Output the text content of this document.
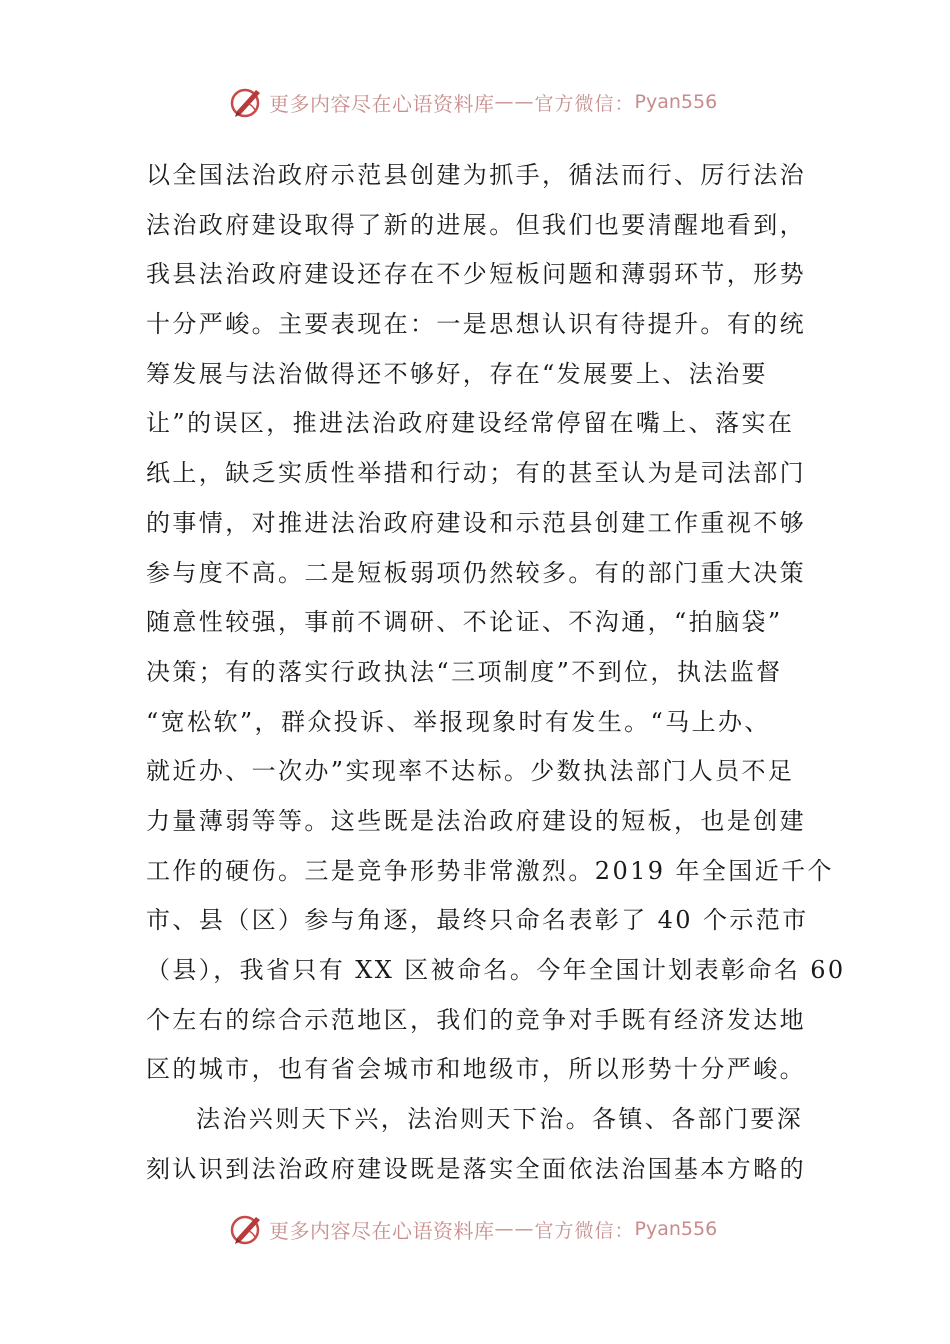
更多内容尽在心语资料库 —— 官方微信： Pyan556
以全国法治政府示范县创建为抓手，循法而行、厉行法治
法治政府建设取得了新的进展。但我们也要清醒地看到，
我县法治政府建设还存在不少短板问题和薄弱环节，形势
十分严峻。主要表现在：一是思想认识有待提升。有的统
筹发展与法治做得还不够好，存在“发展要上、法治要
让”的误区，推进法治政府建设经常停留在嘴上、落实在
纸上，缺乏实质性举措和行动；有的甚至认为是司法部门
的事情，对推进法治政府建设和示范县创建工作重视不够
参与度不高。二是短板弱项仍然较多。有的部门重大决策
随意性较强，事前不调研、不论证、不沟通，“拍脑袋”
决策；有的落实行政执法“三项制度”不到位，执法监督
“宽松软”，群众投诉、举报现象时有发生。“马上办、
就近办、一次办”实现率不达标。少数执法部门人员不足
力量薄弱等等。这些既是法治政府建设的短板，也是创建
工作的硬伤。三是竞争形势非常激烈。2019 年全国近千个
市、县（区）参与角逐，最终只命名表彰了 40 个示范市
（县），我省只有 XX 区被命名。今年全国计划表彰命名 60
个左右的综合示范地区，我们的竞争对手既有经济发达地
区的城市，也有省会城市和地级市，所以形势十分严峻。
法治兴则天下兴，法治则天下治。各镇、各部门要深
刻认识到法治政府建设既是落实全面依法治国基本方略的
更多内容尽在心语资料库 —— 官方微信： Pyan556
